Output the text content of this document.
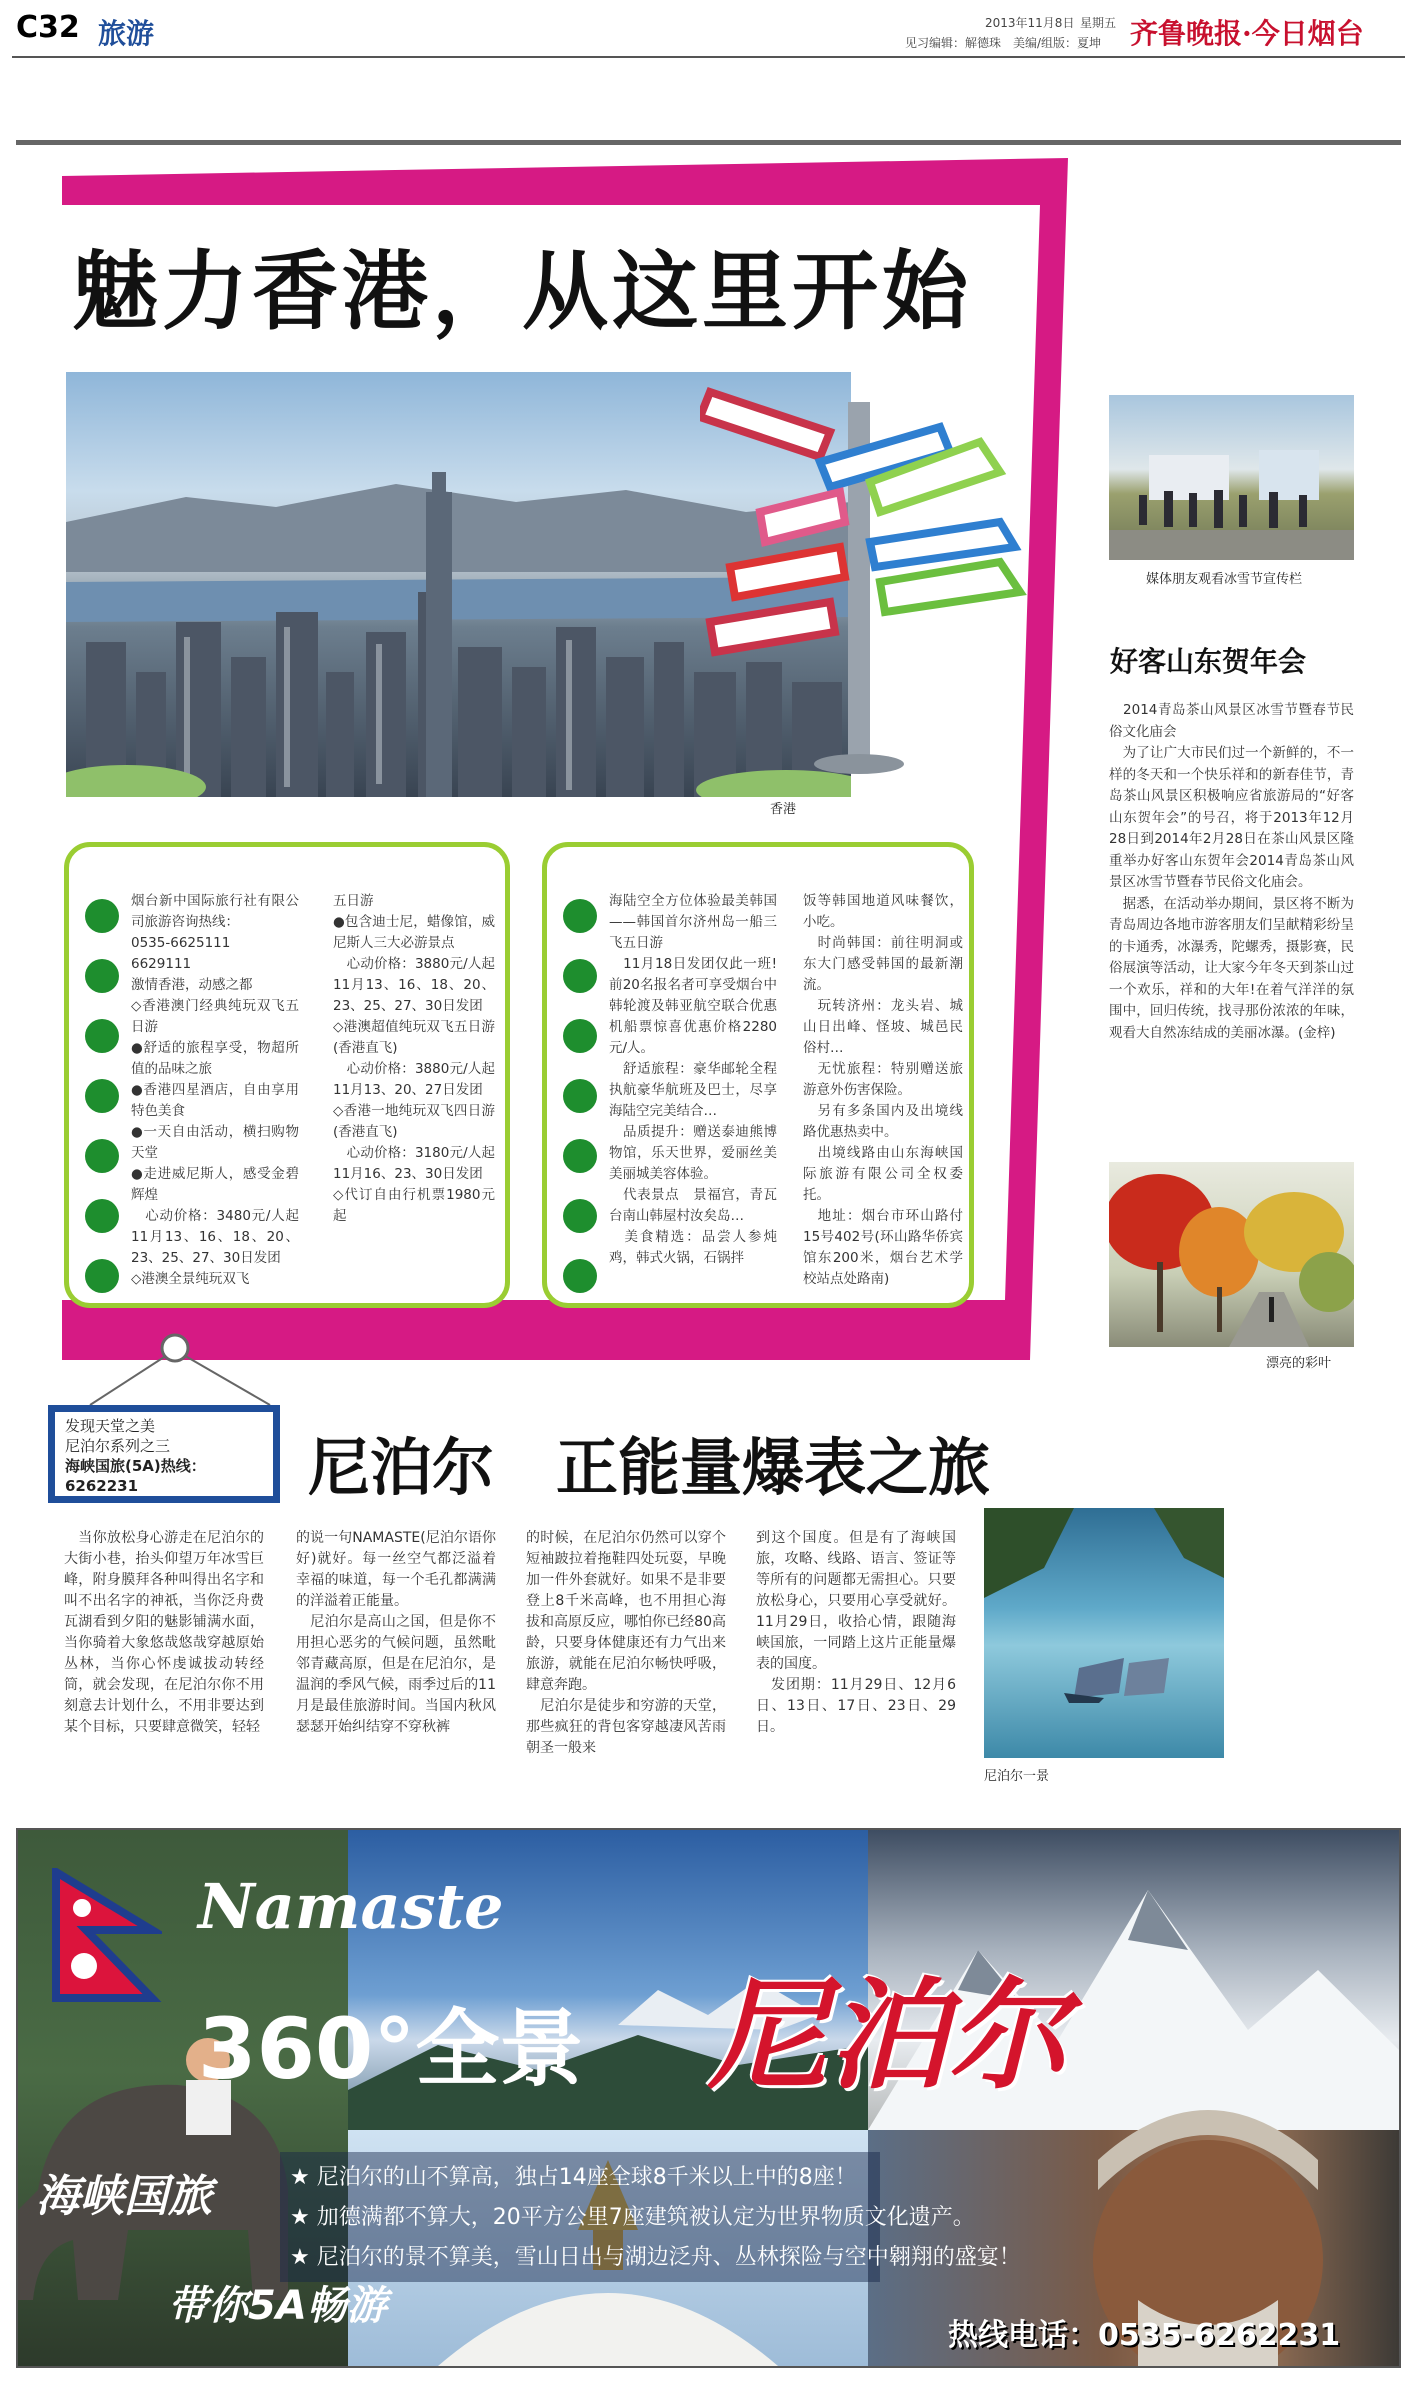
C32 旅游	2013年11月8日 星期五
见习编辑：解德珠　美编/组版：夏坤 齐鲁晚报·今日烟台
魅力香港，从这里开始
香港
烟台新中国际旅行社有限公司旅游咨询热线：
0535-6625111
6629111
激情香港，动感之都
◇香港澳门经典纯玩双飞五日游
●舒适的旅程享受，物超所值的品味之旅
●香港四星酒店，自由享用特色美食
●一天自由活动，横扫购物天堂
●走进威尼斯人，感受金碧辉煌
　心动价格：3480元/人起　11月13、16、18、20、23、25、27、30日发团
◇港澳全景纯玩双飞
五日游
●包含迪士尼，蜡像馆，威尼斯人三大必游景点
　心动价格：3880元/人起　11月13、16、18、20、23、25、27、30日发团
◇港澳超值纯玩双飞五日游(香港直飞)
　心动价格：3880元/人起　11月13、20、27日发团
◇香港一地纯玩双飞四日游(香港直飞)
　心动价格：3180元/人起　11月16、23、30日发团
◇代订自由行机票1980元起
海陆空全方位体验最美韩国——韩国首尔济州岛一船三飞五日游
　11月18日发团仅此一班!前20名报名者可享受烟台中韩轮渡及韩亚航空联合优惠机船票惊喜优惠价格2280元/人。
　舒适旅程：豪华邮轮全程执航豪华航班及巴士，尽享海陆空完美结合…
　品质提升：赠送泰迪熊博物馆，乐天世界，爱丽丝美美丽城美容体验。
　代表景点　景福宫，青瓦台南山韩屋村汝矣岛…
　美食精选：品尝人参炖鸡，韩式火锅，石锅拌
饭等韩国地道风味餐饮，小吃。
　时尚韩国：前往明洞或东大门感受韩国的最新潮流。
　玩转济州：龙头岩、城山日出峰、怪坡、城邑民俗村…
　无忧旅程：特别赠送旅游意外伤害保险。
　另有多条国内及出境线路优惠热卖中。
　出境线路由山东海峡国际旅游有限公司全权委托。
　地址：烟台市环山路付15号402号(环山路华侨宾馆东200米，烟台艺术学校站点处路南)
媒体朋友观看冰雪节宣传栏
好客山东贺年会
　2014青岛茶山风景区冰雪节暨春节民俗文化庙会
　为了让广大市民们过一个新鲜的，不一样的冬天和一个快乐祥和的新春佳节，青岛茶山风景区积极响应省旅游局的“好客山东贺年会”的号召，将于2013年12月28日到2014年2月28日在茶山风景区隆重举办好客山东贺年会2014青岛茶山风景区冰雪节暨春节民俗文化庙会。
　据悉，在活动举办期间，景区将不断为青岛周边各地市游客朋友们呈献精彩纷呈的卡通秀，冰瀑秀，陀螺秀，摄影赛，民俗展演等活动，让大家今年冬天到茶山过一个欢乐，祥和的大年!在着气洋洋的氛围中，回归传统，找寻那份浓浓的年味，观看大自然冻结成的美丽冰瀑。(金梓)
漂亮的彩叶
发现天堂之美
尼泊尔系列之三
海峡国旅(5A)热线：
6262231	尼泊尔　正能量爆表之旅
　当你放松身心游走在尼泊尔的大街小巷，抬头仰望万年冰雪巨峰，附身膜拜各种叫得出名字和叫不出名字的神祇，当你泛舟费瓦湖看到夕阳的魅影铺满水面，当你骑着大象悠哉悠哉穿越原始丛林，当你心怀虔诚拔动转经筒，就会发现，在尼泊尔你不用刻意去计划什么，不用非要达到某个目标，只要肆意微笑，轻轻
的说一句NAMASTE(尼泊尔语你好)就好。每一丝空气都泛溢着幸福的味道，每一个毛孔都满满的洋溢着正能量。
　尼泊尔是高山之国，但是你不用担心恶劣的气候问题，虽然毗邻青藏高原，但是在尼泊尔，是温润的季风气候，雨季过后的11月是最佳旅游时间。当国内秋风瑟瑟开始纠结穿不穿秋裤
的时候，在尼泊尔仍然可以穿个短袖跛拉着拖鞋四处玩耍，早晚加一件外套就好。如果不是非要登上8千米高峰，也不用担心海拔和高原反应，哪怕你已经80高龄，只要身体健康还有力气出来旅游，就能在尼泊尔畅快呼吸，肆意奔跑。
　尼泊尔是徒步和穷游的天堂，那些疯狂的背包客穿越凄风苦雨朝圣一般来
到这个国度。但是有了海峡国旅，攻略、线路、语言、签证等等所有的问题都无需担心。只要放松身心，只要用心享受就好。11月29日，收拾心情，跟随海峡国旅，一同踏上这片正能量爆表的国度。
　发团期：11月29日、12月6日、13日、17日、23日、29日。
尼泊尔一景
Namaste
360°全景 尼泊尔
★ 尼泊尔的山不算高，独占14座全球8千米以上中的8座！
★ 加德满都不算大，20平方公里7座建筑被认定为世界物质文化遗产。
★ 尼泊尔的景不算美，雪山日出与湖边泛舟、丛林探险与空中翱翔的盛宴！
海峡国旅
带你5A畅游
热线电话：0535-6262231
